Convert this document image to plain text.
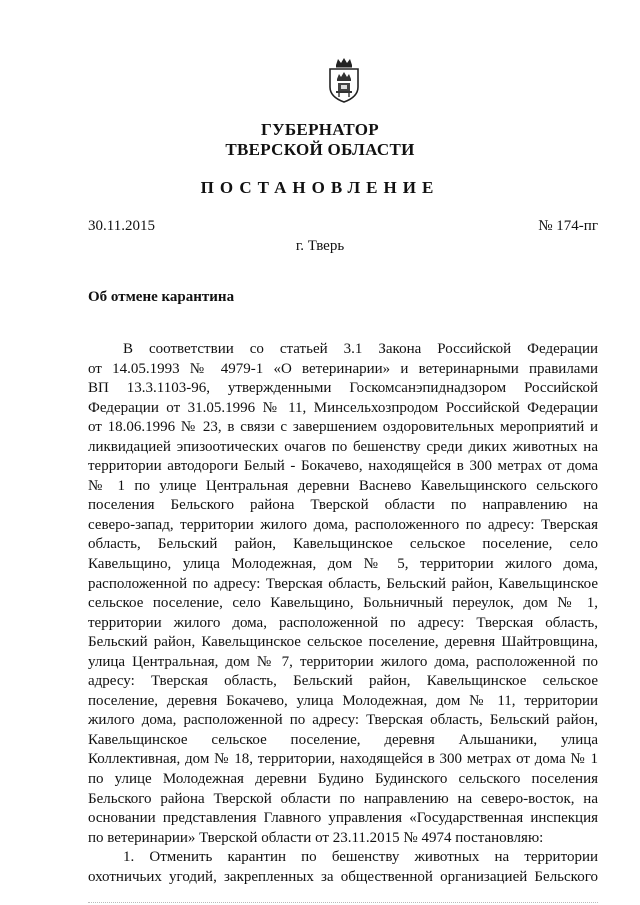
ГУБЕРНАТОР
ТВЕРСКОЙ ОБЛАСТИ
ПОСТАНОВЛЕНИЕ
30.11.2015	№ 174-пг
г. Тверь
Об отмене карантина
В соответствии со статьей 3.1 Закона Российской Федерации
от 14.05.1993 № 4979-1 «О ветеринарии» и ветеринарными правилами
ВП 13.3.1103-96, утвержденными Госкомсанэпиднадзором Российской
Федерации от 31.05.1996 № 11, Минсельхозпродом Российской Федерации
от 18.06.1996 № 23, в связи с завершением оздоровительных мероприятий и
ликвидацией эпизоотических очагов по бешенству среди диких животных на
территории автодороги Белый - Бокачево, находящейся в 300 метрах от дома
№ 1 по улице Центральная деревни Васнево Кавельщинского сельского
поселения Бельского района Тверской области по направлению на
северо-запад, территории жилого дома, расположенного по адресу: Тверская
область, Бельский район, Кавельщинское сельское поселение, село
Кавельщино, улица Молодежная, дом № 5, территории жилого дома,
расположенной по адресу: Тверская область, Бельский район, Кавельщинское
сельское поселение, село Кавельщино, Больничный переулок, дом № 1,
территории жилого дома, расположенной по адресу: Тверская область,
Бельский район, Кавельщинское сельское поселение, деревня Шайтровщина,
улица Центральная, дом № 7, территории жилого дома, расположенной по
адресу: Тверская область, Бельский район, Кавельщинское сельское
поселение, деревня Бокачево, улица Молодежная, дом № 11, территории
жилого дома, расположенной по адресу: Тверская область, Бельский район,
Кавельщинское сельское поселение, деревня Альшаники, улица
Коллективная, дом № 18, территории, находящейся в 300 метрах от дома № 1
по улице Молодежная деревни Будино Будинского сельского поселения
Бельского района Тверской области по направлению на северо-восток, на
основании представления Главного управления «Государственная инспекция
по ветеринарии» Тверской области от 23.11.2015 № 4974 постановляю:
1. Отменить карантин по бешенству животных на территории
охотничьих угодий, закрепленных за общественной организацией Бельского
